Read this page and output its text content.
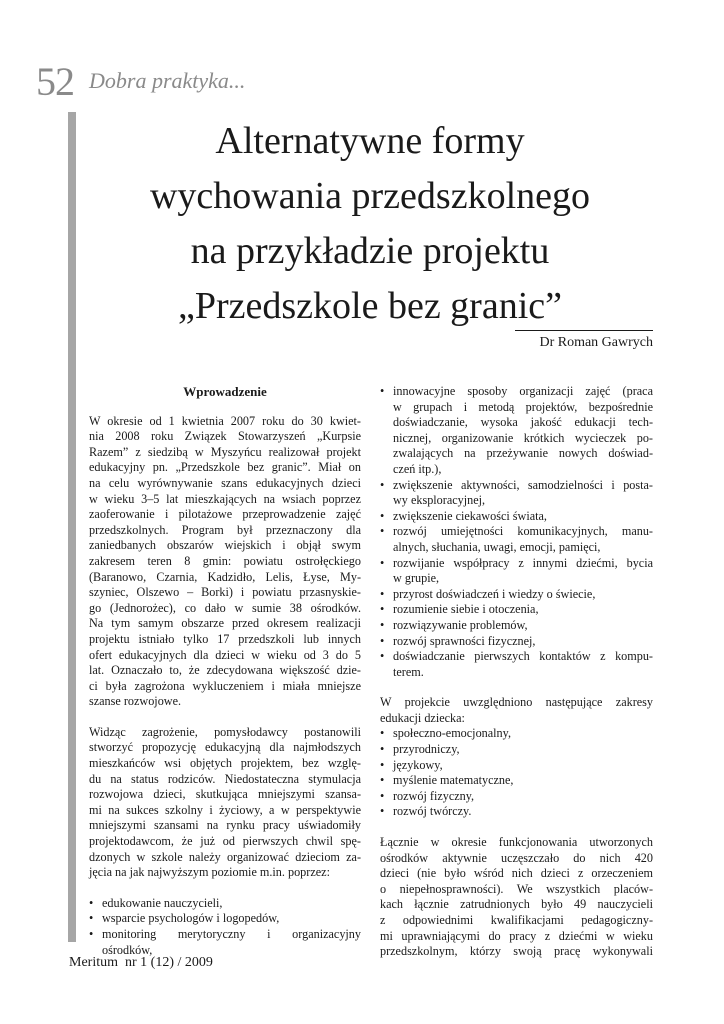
52 Dobra praktyka...
Alternatywne formy
wychowania przedszkolnego
na przykładzie projektu
„Przedszkole bez granic”
Dr Roman Gawrych
Wprowadzenie
W okresie od 1 kwietnia 2007 roku do 30 kwiet-
nia 2008 roku Związek Stowarzyszeń „Kurpsie
Razem” z siedzibą w Myszyńcu realizował projekt
edukacyjny pn. „Przedszkole bez granic”. Miał on
na celu wyrównywanie szans edukacyjnych dzieci
w wieku 3–5 lat mieszkających na wsiach poprzez
zaoferowanie i pilotażowe przeprowadzenie zajęć
przedszkolnych. Program był przeznaczony dla
zaniedbanych obszarów wiejskich i objął swym
zakresem teren 8 gmin: powiatu ostrołęckiego
(Baranowo, Czarnia, Kadzidło, Lelis, Łyse, My-
szyniec, Olszewo – Borki) i powiatu przasnyskie-
go (Jednorożec), co dało w sumie 38 ośrodków.
Na tym samym obszarze przed okresem realizacji
projektu istniało tylko 17 przedszkoli lub innych
ofert edukacyjnych dla dzieci w wieku od 3 do 5
lat. Oznaczało to, że zdecydowana większość dzie-
ci była zagrożona wykluczeniem i miała mniejsze
szanse rozwojowe.
Widząc zagrożenie, pomysłodawcy postanowili
stworzyć propozycję edukacyjną dla najmłodszych
mieszkańców wsi objętych projektem, bez wzglę-
du na status rodziców. Niedostateczna stymulacja
rozwojowa dzieci, skutkująca mniejszymi szansa-
mi na sukces szkolny i życiowy, a w perspektywie
mniejszymi szansami na rynku pracy uświadomiły
projektodawcom, że już od pierwszych chwil spę-
dzonych w szkole należy organizować dzieciom za-
jęcia na jak najwyższym poziomie m.in. poprzez:
• edukowanie nauczycieli,
• wsparcie psychologów i logopedów,
• monitoring merytoryczny i organizacyjny
ośrodków,
• innowacyjne sposoby organizacji zajęć (praca
w grupach i metodą projektów, bezpośrednie
doświadczanie, wysoka jakość edukacji tech-
nicznej, organizowanie krótkich wycieczek po-
zwalających na przeżywanie nowych doświad-
czeń itp.),
• zwiększenie aktywności, samodzielności i posta-
wy eksploracyjnej,
• zwiększenie ciekawości świata,
• rozwój umiejętności komunikacyjnych, manu-
alnych, słuchania, uwagi, emocji, pamięci,
• rozwijanie współpracy z innymi dziećmi, bycia
w grupie,
• przyrost doświadczeń i wiedzy o świecie,
• rozumienie siebie i otoczenia,
• rozwiązywanie problemów,
• rozwój sprawności fizycznej,
• doświadczanie pierwszych kontaktów z kompu-
terem.
W projekcie uwzględniono następujące zakresy
edukacji dziecka:
• społeczno-emocjonalny,
• przyrodniczy,
• językowy,
• myślenie matematyczne,
• rozwój fizyczny,
• rozwój twórczy.
Łącznie w okresie funkcjonowania utworzonych
ośrodków aktywnie uczęszczało do nich 420
dzieci (nie było wśród nich dzieci z orzeczeniem
o niepełnosprawności). We wszystkich placów-
kach łącznie zatrudnionych było 49 nauczycieli
z odpowiednimi kwalifikacjami pedagogiczny-
mi uprawniającymi do pracy z dziećmi w wieku
przedszkolnym, którzy swoją pracę wykonywali
Meritum nr 1 (12) / 2009
